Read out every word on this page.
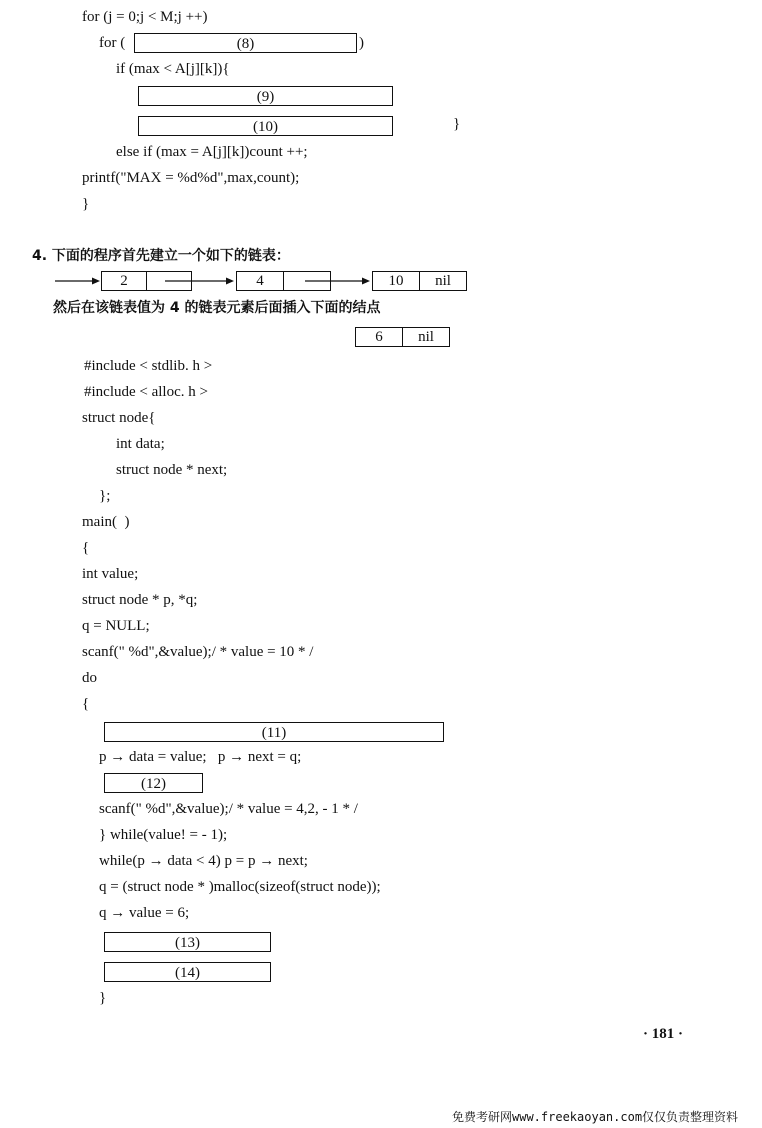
for (j = 0;j < M;j ++)
for (	(8)	)
if (max < A[j][k]){
(9)
(10)	}
else if (max = A[j][k])count ++;
printf("MAX = %d%d",max,count);
}
4. 下面的程序首先建立一个如下的链表：
2	4	10	nil
然后在该链表值为 4 的链表元素后面插入下面的结点
6	nil
#include < stdlib. h >
#include < alloc. h >
struct node{
int data;
struct node * next;
};
main(  )
{
int value;
struct node * p, *q;
q = NULL;
scanf(" %d",&value);/ * value = 10 * /
do
{
(11)
p → data = value;   p → next = q;
(12)
scanf(" %d",&value);/ * value = 4,2, - 1 * /
} while(value! = - 1);
while(p → data < 4) p = p → next;
q = (struct node * )malloc(sizeof(struct node));
q → value = 6;
(13)
(14)
}
· 181 ·
免费考研网www.freekaoyan.com仅仅负责整理资料
